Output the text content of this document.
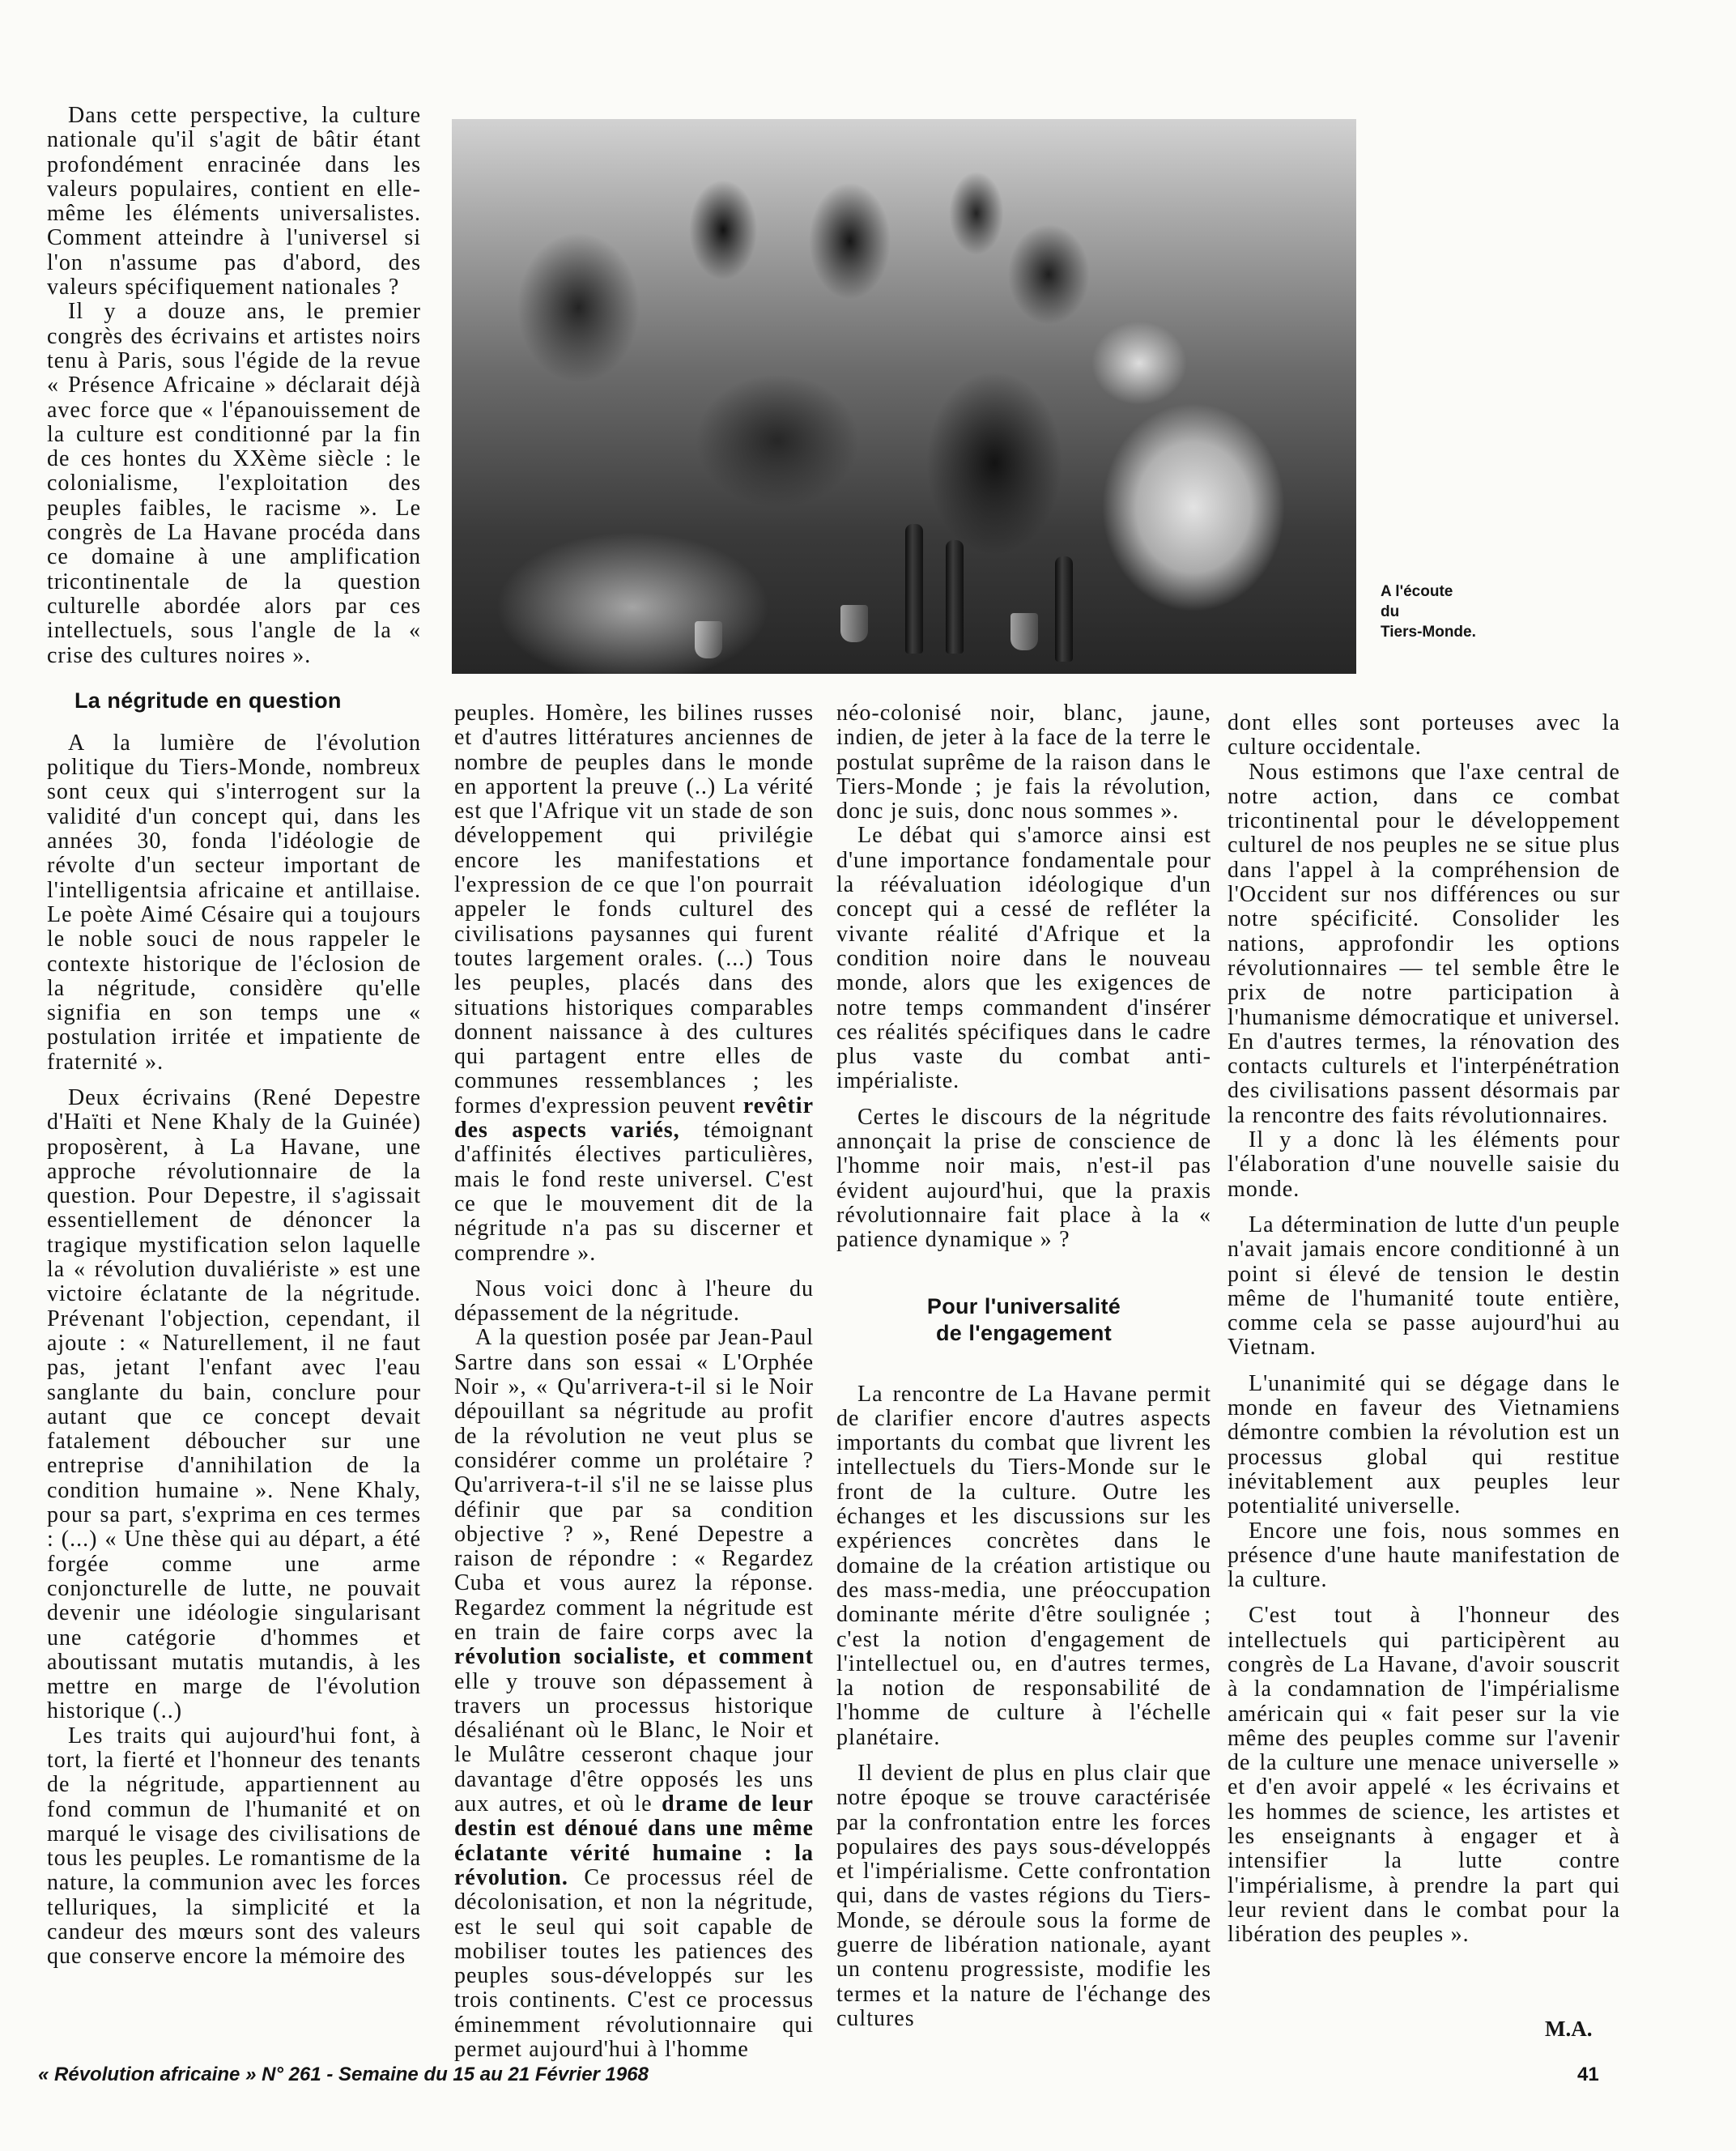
A l'écoute
du
Tiers-Monde.

Dans cette perspective, la culture nationale qu'il s'agit de bâtir étant profondément enracinée dans les valeurs populaires, contient en elle-même les éléments universalistes. Comment atteindre à l'universel si l'on n'assume pas d'abord, des valeurs spécifiquement nationales ?

Il y a douze ans, le premier congrès des écrivains et artistes noirs tenu à Paris, sous l'égide de la revue « Présence Africaine » déclarait déjà avec force que « l'épanouissement de la culture est conditionné par la fin de ces hontes du XXème siècle : le colonialisme, l'exploitation des peuples faibles, le racisme ». Le congrès de La Havane procéda dans ce domaine à une amplification tricontinentale de la question culturelle abordée alors par ces intellectuels, sous l'angle de la « crise des cultures noires ».

La négritude en question

A la lumière de l'évolution politique du Tiers-Monde, nombreux sont ceux qui s'interrogent sur la validité d'un concept qui, dans les années 30, fonda l'idéologie de révolte d'un secteur important de l'intelligentsia africaine et antillaise. Le poète Aimé Césaire qui a toujours le noble souci de nous rappeler le contexte historique de l'éclosion de la négritude, considère qu'elle signifia en son temps une « postulation irritée et impatiente de fraternité ».

Deux écrivains (René Depestre d'Haïti et Nene Khaly de la Guinée) proposèrent, à La Havane, une approche révolutionnaire de la question. Pour Depestre, il s'agissait essentiellement de dénoncer la tragique mystification selon laquelle la « révolution duvaliériste » est une victoire éclatante de la négritude. Prévenant l'objection, cependant, il ajoute : « Naturellement, il ne faut pas, jetant l'enfant avec l'eau sanglante du bain, conclure pour autant que ce concept devait fatalement déboucher sur une entreprise d'annihilation de la condition humaine ». Nene Khaly, pour sa part, s'exprima en ces termes : (...) « Une thèse qui au départ, a été forgée comme une arme conjoncturelle de lutte, ne pouvait devenir une idéologie singularisant une catégorie d'hommes et aboutissant mutatis mutandis, à les mettre en marge de l'évolution historique (..)

Les traits qui aujourd'hui font, à tort, la fierté et l'honneur des tenants de la négritude, appartiennent au fond commun de l'humanité et on marqué le visage des civilisations de tous les peuples. Le romantisme de la nature, la communion avec les forces telluriques, la simplicité et la candeur des mœurs sont des valeurs que conserve encore la mémoire des

peuples. Homère, les bilines russes et d'autres littératures anciennes de nombre de peuples dans le monde en apportent la preuve (..) La vérité est que l'Afrique vit un stade de son développement qui privilégie encore les manifestations et l'expression de ce que l'on pourrait appeler le fonds culturel des civilisations paysannes qui furent toutes largement orales. (...) Tous les peuples, placés dans des situations historiques comparables donnent naissance à des cultures qui partagent entre elles de communes ressemblances ; les formes d'expression peuvent revêtir des aspects variés, témoignant d'affinités électives particulières, mais le fond reste universel. C'est ce que le mouvement dit de la négritude n'a pas su discerner et comprendre ».

Nous voici donc à l'heure du dépassement de la négritude.

A la question posée par Jean-Paul Sartre dans son essai « L'Orphée Noir », « Qu'arrivera-t-il si le Noir dépouillant sa négritude au profit de la révolution ne veut plus se considérer comme un prolétaire ? Qu'arrivera-t-il s'il ne se laisse plus définir que par sa condition objective ? », René Depestre a raison de répondre : « Regardez Cuba et vous aurez la réponse. Regardez comment la négritude est en train de faire corps avec la révolution socialiste, et comment elle y trouve son dépassement à travers un processus historique désaliénant où le Blanc, le Noir et le Mulâtre cesseront chaque jour davantage d'être opposés les uns aux autres, et où le drame de leur destin est dénoué dans une même éclatante vérité humaine : la révolution. Ce processus réel de décolonisation, et non la négritude, est le seul qui soit capable de mobiliser toutes les patiences des peuples sous-développés sur les trois continents. C'est ce processus éminemment révolutionnaire qui permet aujourd'hui à l'homme

néo-colonisé noir, blanc, jaune, indien, de jeter à la face de la terre le postulat suprême de la raison dans le Tiers-Monde ; je fais la révolution, donc je suis, donc nous sommes ».

Le débat qui s'amorce ainsi est d'une importance fondamentale pour la réévaluation idéologique d'un concept qui a cessé de refléter la vivante réalité d'Afrique et la condition noire dans le nouveau monde, alors que les exigences de notre temps commandent d'insérer ces réalités spécifiques dans le cadre plus vaste du combat anti-impérialiste.

Certes le discours de la négritude annonçait la prise de conscience de l'homme noir mais, n'est-il pas évident aujourd'hui, que la praxis révolutionnaire fait place à la « patience dynamique » ?

Pour l'universalité
de l'engagement

La rencontre de La Havane permit de clarifier encore d'autres aspects importants du combat que livrent les intellectuels du Tiers-Monde sur le front de la culture. Outre les échanges et les discussions sur les expériences concrètes dans le domaine de la création artistique ou des mass-media, une préoccupation dominante mérite d'être soulignée ; c'est la notion d'engagement de l'intellectuel ou, en d'autres termes, la notion de responsabilité de l'homme de culture à l'échelle planétaire.

Il devient de plus en plus clair que notre époque se trouve caractérisée par la confrontation entre les forces populaires des pays sous-développés et l'impérialisme. Cette confrontation qui, dans de vastes régions du Tiers-Monde, se déroule sous la forme de guerre de libération nationale, ayant un contenu progressiste, modifie les termes et la nature de l'échange des cultures

dont elles sont porteuses avec la culture occidentale.

Nous estimons que l'axe central de notre action, dans ce combat tricontinental pour le développement culturel de nos peuples ne se situe plus dans l'appel à la compréhension de l'Occident sur nos différences ou sur notre spécificité. Consolider les nations, approfondir les options révolutionnaires — tel semble être le prix de notre participation à l'humanisme démocratique et universel. En d'autres termes, la rénovation des contacts culturels et l'interpénétration des civilisations passent désormais par la rencontre des faits révolutionnaires.

Il y a donc là les éléments pour l'élaboration d'une nouvelle saisie du monde.

La détermination de lutte d'un peuple n'avait jamais encore conditionné à un point si élevé de tension le destin même de l'humanité toute entière, comme cela se passe aujourd'hui au Vietnam.

L'unanimité qui se dégage dans le monde en faveur des Vietnamiens démontre combien la révolution est un processus global qui restitue inévitablement aux peuples leur potentialité universelle.

Encore une fois, nous sommes en présence d'une haute manifestation de la culture.

C'est tout à l'honneur des intellectuels qui participèrent au congrès de La Havane, d'avoir souscrit à la condamnation de l'impérialisme américain qui « fait peser sur la vie même des peuples comme sur l'avenir de la culture une menace universelle » et d'en avoir appelé « les écrivains et les hommes de science, les artistes et les enseignants à engager et à intensifier la lutte contre l'impérialisme, à prendre la part qui leur revient dans le combat pour la libération des peuples ».

M.A.
« Révolution africaine » N° 261 - Semaine du 15 au 21 Février 1968	41
